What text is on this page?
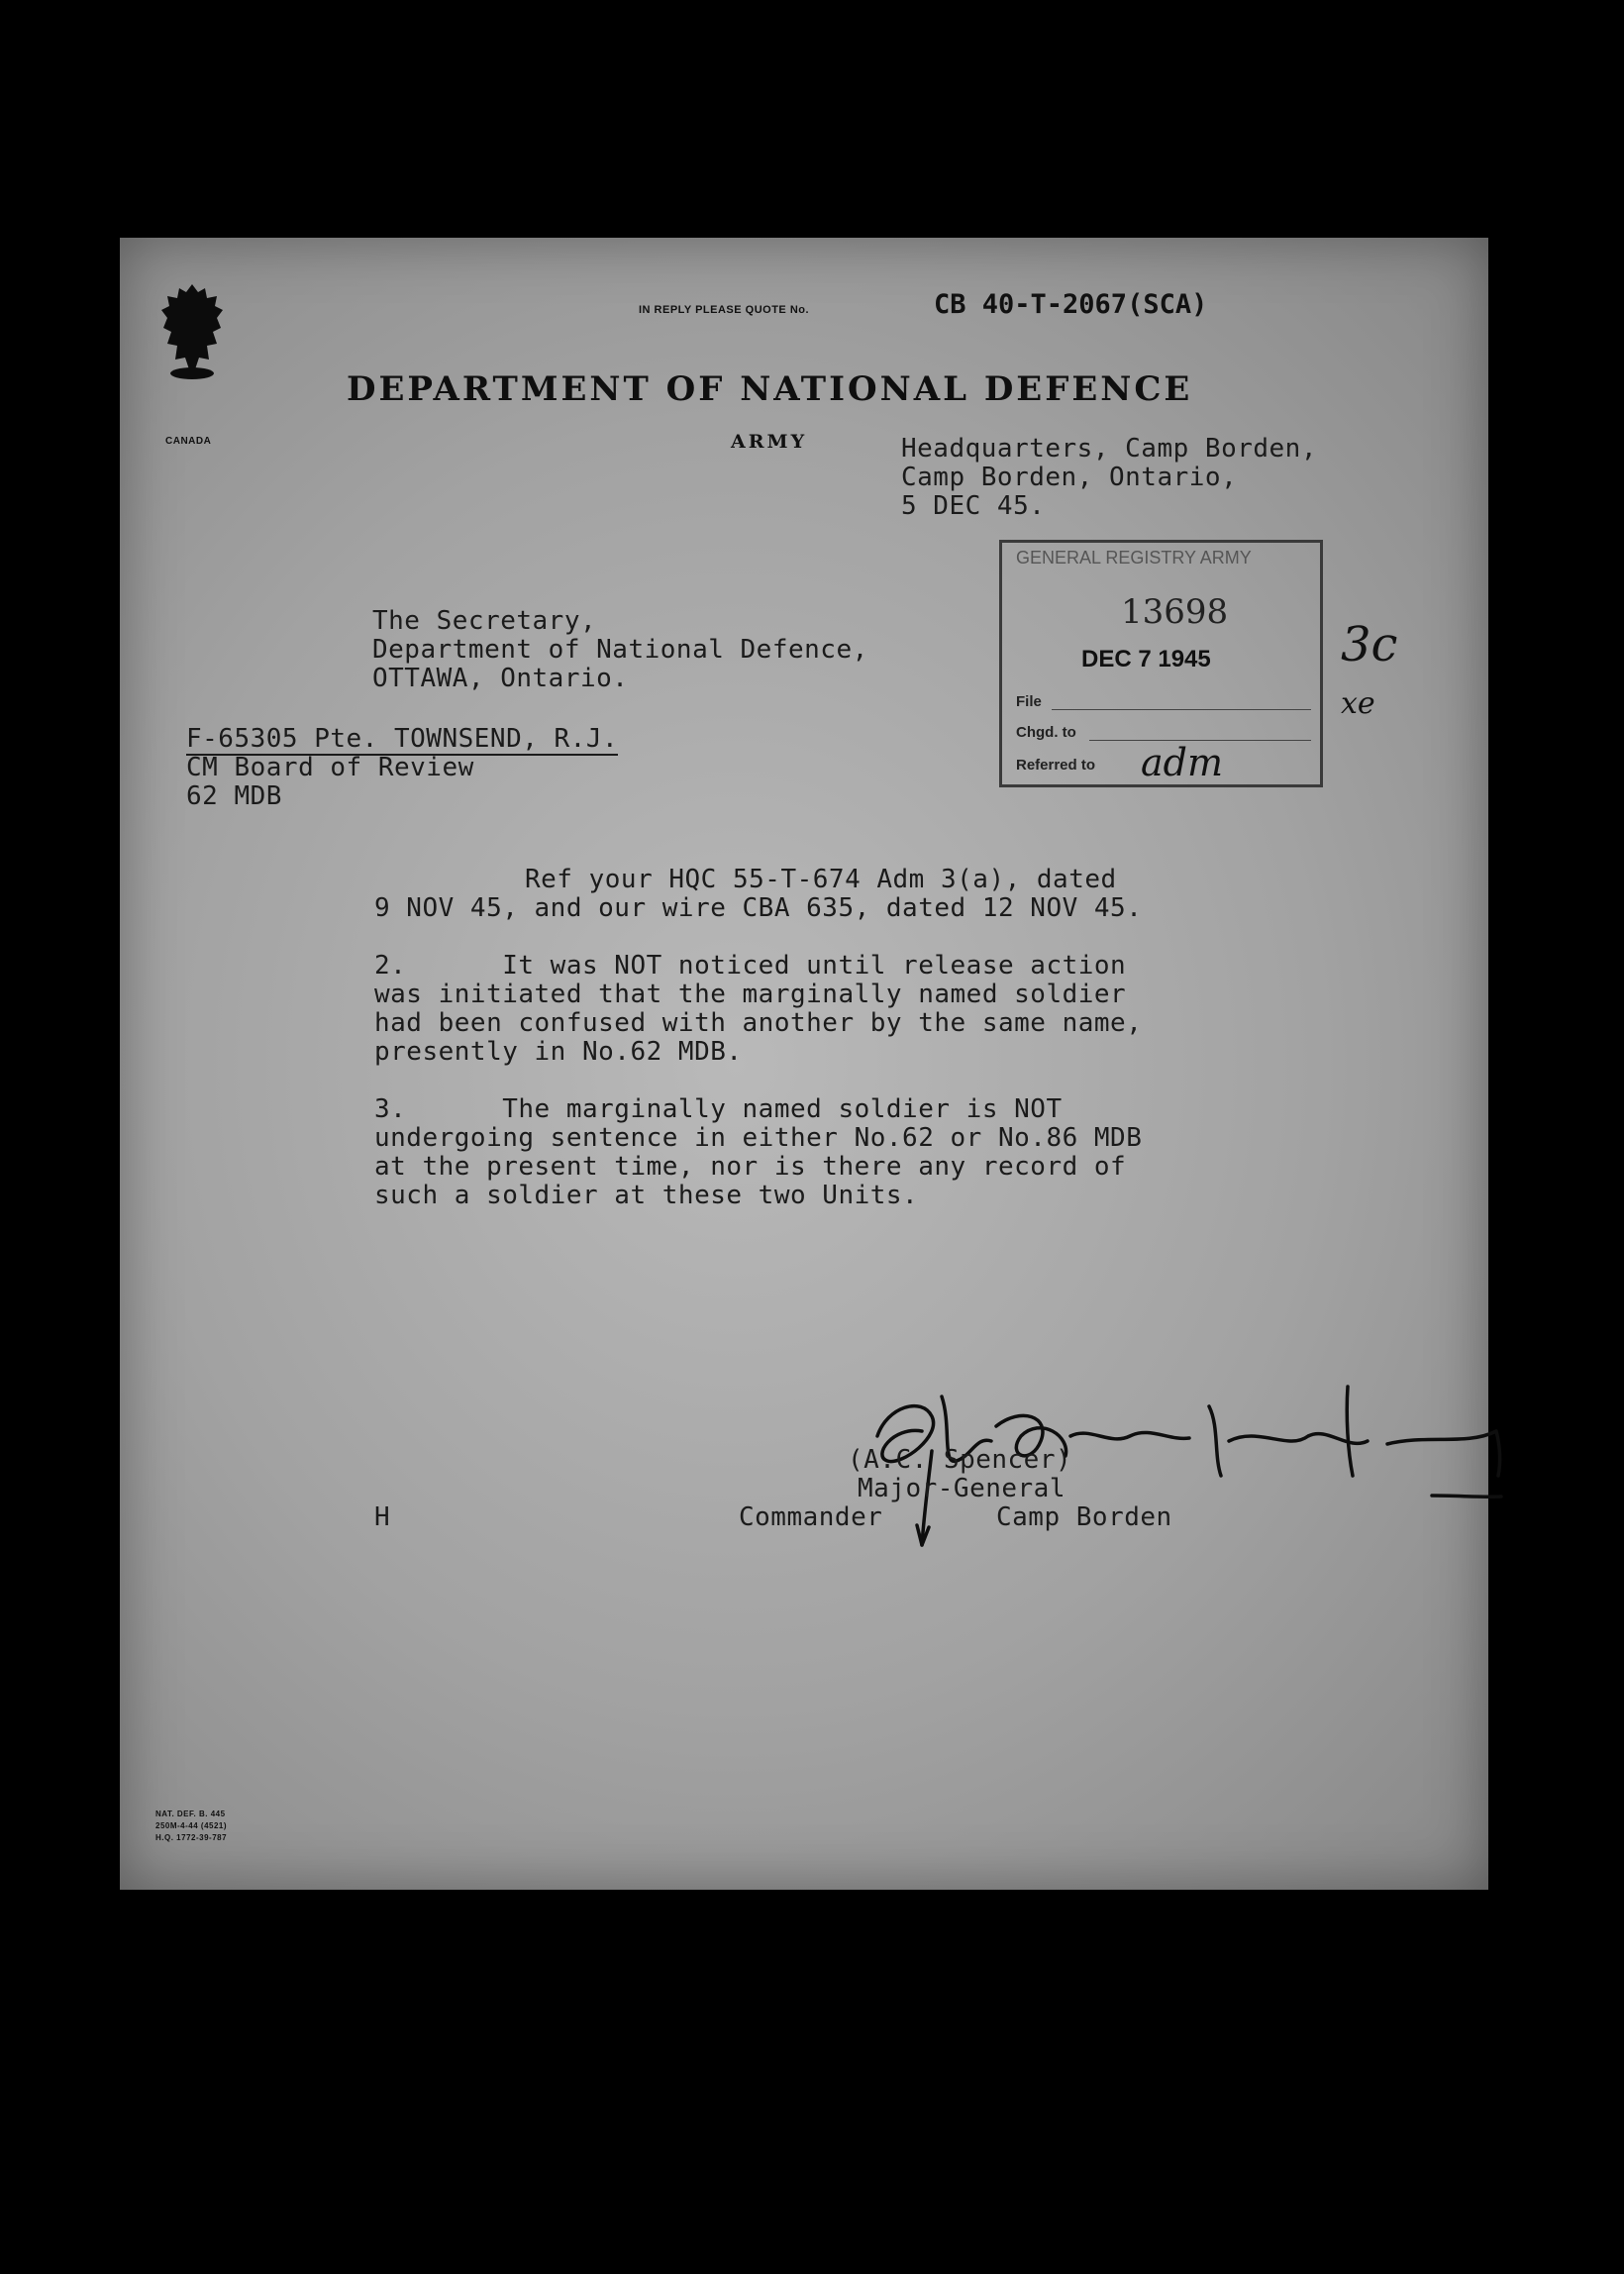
CANADA
IN REPLY PLEASE QUOTE No.	CB 40-T-2067(SCA)
DEPARTMENT OF NATIONAL DEFENCE
ARMY	Headquarters, Camp Borden,
Camp Borden, Ontario,
5 DEC 45.
GENERAL REGISTRY ARMY
13698
DEC 7 1945
File
Chgd. to
Referred to adm
3c
xe
The Secretary,
Department of National Defence,
OTTAWA, Ontario.
F-65305 Pte. TOWNSEND, R.J.
CM Board of Review
62 MDB
Ref your HQC 55-T-674 Adm 3(a), dated
9 NOV 45, and our wire CBA 635, dated 12 NOV 45.
2.      It was NOT noticed until release action
was initiated that the marginally named soldier
had been confused with another by the same name,
presently in No.62 MDB.
3.      The marginally named soldier is NOT
undergoing sentence in either No.62 or No.86 MDB
at the present time, nor is there any record of
such a soldier at these two Units.
(A.C. Spencer)
Major-General
Commander	Camp Borden
H
NAT. DEF. B. 445
250M-4-44 (4521)
H.Q. 1772-39-787
